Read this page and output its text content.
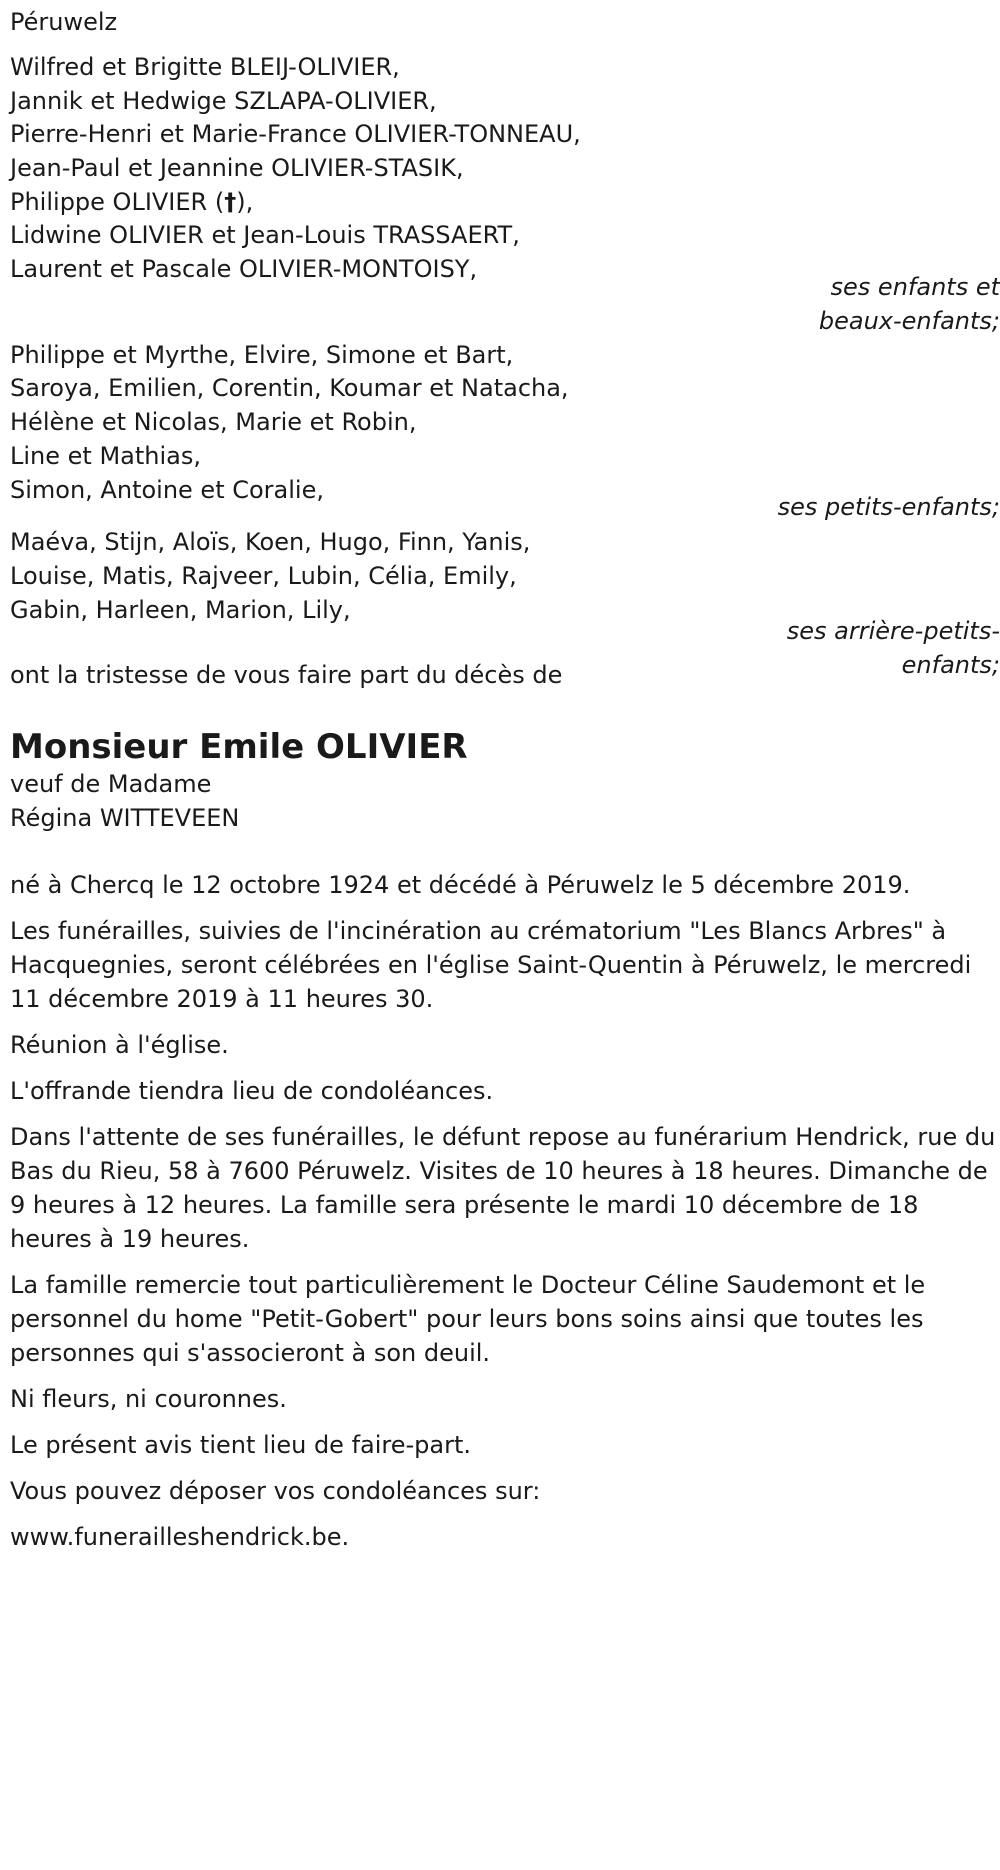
Péruwelz
Wilfred et Brigitte BLEIJ-OLIVIER,
Jannik et Hedwige SZLAPA-OLIVIER,
Pierre-Henri et Marie-France OLIVIER-TONNEAU,
Jean-Paul et Jeannine OLIVIER-STASIK,
Philippe OLIVIER (†),
Lidwine OLIVIER et Jean-Louis TRASSAERT,
Laurent et Pascale OLIVIER-MONTOISY,
ses enfants et
beaux-enfants;
Philippe et Myrthe, Elvire, Simone et Bart,
Saroya, Emilien, Corentin, Koumar et Natacha,
Hélène et Nicolas, Marie et Robin,
Line et Mathias,
Simon, Antoine et Coralie,
ses petits-enfants;
Maéva, Stijn, Aloïs, Koen, Hugo, Finn, Yanis,
Louise, Matis, Rajveer, Lubin, Célia, Emily,
Gabin, Harleen, Marion, Lily,
ses arrière-petits-
enfants;
ont la tristesse de vous faire part du décès de
Monsieur Emile OLIVIER
veuf de Madame
Régina WITTEVEEN

né à Chercq le 12 octobre 1924 et décédé à Péruwelz le 5 décembre 2019.

Les funérailles, suivies de l'incinération au crématorium "Les Blancs Arbres" à Hacquegnies, seront célébrées en l'église Saint-Quentin à Péruwelz, le mercredi 11 décembre 2019 à 11 heures 30.

Réunion à l'église.

L'offrande tiendra lieu de condoléances.

Dans l'attente de ses funérailles, le défunt repose au funérarium Hendrick, rue du Bas du Rieu, 58 à 7600 Péruwelz. Visites de 10 heures à 18 heures. Dimanche de 9 heures à 12 heures. La famille sera présente le mardi 10 décembre de 18 heures à 19 heures.

La famille remercie tout particulièrement le Docteur Céline Saudemont et le personnel du home "Petit-Gobert" pour leurs bons soins ainsi que toutes les personnes qui s'associeront à son deuil.

Ni fleurs, ni couronnes.

Le présent avis tient lieu de faire-part.

Vous pouvez déposer vos condoléances sur:

www.funerailleshendrick.be.
